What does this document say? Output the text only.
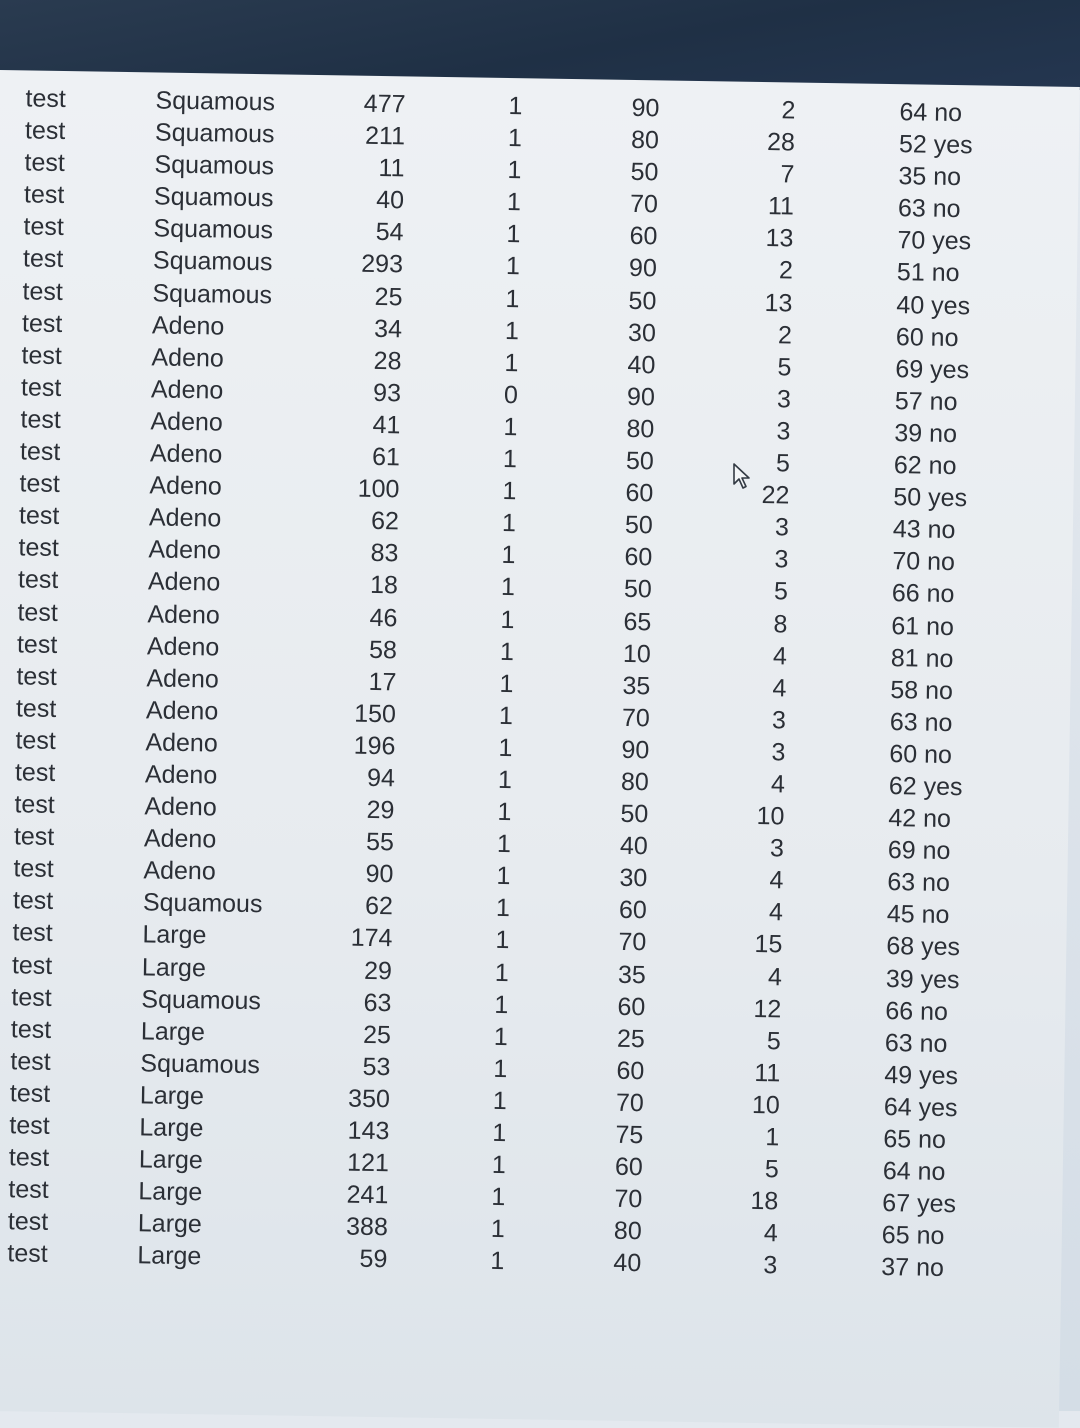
test	Squamous	477	1	90	2	64 no
test	Squamous	211	1	80	28	52 yes
test	Squamous	11	1	50	7	35 no
test	Squamous	40	1	70	11	63 no
test	Squamous	54	1	60	13	70 yes
test	Squamous	293	1	90	2	51 no
test	Squamous	25	1	50	13	40 yes
test	Adeno	34	1	30	2	60 no
test	Adeno	28	1	40	5	69 yes
test	Adeno	93	0	90	3	57 no
test	Adeno	41	1	80	3	39 no
test	Adeno	61	1	50	5	62 no
test	Adeno	100	1	60	22	50 yes
test	Adeno	62	1	50	3	43 no
test	Adeno	83	1	60	3	70 no
test	Adeno	18	1	50	5	66 no
test	Adeno	46	1	65	8	61 no
test	Adeno	58	1	10	4	81 no
test	Adeno	17	1	35	4	58 no
test	Adeno	150	1	70	3	63 no
test	Adeno	196	1	90	3	60 no
test	Adeno	94	1	80	4	62 yes
test	Adeno	29	1	50	10	42 no
test	Adeno	55	1	40	3	69 no
test	Adeno	90	1	30	4	63 no
test	Squamous	62	1	60	4	45 no
test	Large	174	1	70	15	68 yes
test	Large	29	1	35	4	39 yes
test	Squamous	63	1	60	12	66 no
test	Large	25	1	25	5	63 no
test	Squamous	53	1	60	11	49 yes
test	Large	350	1	70	10	64 yes
test	Large	143	1	75	1	65 no
test	Large	121	1	60	5	64 no
test	Large	241	1	70	18	67 yes
test	Large	388	1	80	4	65 no
test	Large	59	1	40	3	37 no
